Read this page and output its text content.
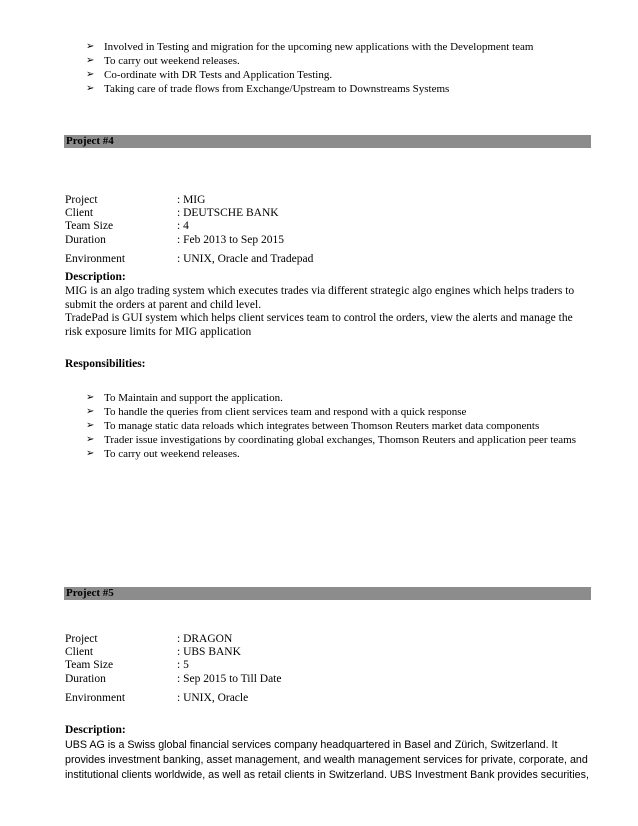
➢ Involved in Testing and migration for the upcoming new applications with the Development team
➢ To carry out weekend releases.
➢ Co-ordinate with DR Tests and Application Testing.
➢ Taking care of trade flows from Exchange/Upstream to Downstreams Systems
Project #4
Project	: MIG
Client	: DEUTSCHE BANK
Team Size	: 4
Duration	: Feb 2013 to Sep 2015
Environment	: UNIX, Oracle and Tradepad
Description:

MIG is an algo trading system which executes trades via different strategic algo engines which helps traders to submit the orders at parent and child level.

TradePad is GUI system which helps client services team to control the orders, view the alerts and manage the risk exposure limits for MIG application

Responsibilities:
➢ To Maintain and support the application.
➢ To handle the queries from client services team and respond with a quick response
➢ To manage static data reloads which integrates between Thomson Reuters market data components
➢ Trader issue investigations by coordinating global exchanges, Thomson Reuters and application peer teams
➢ To carry out weekend releases.
Project #5
Project	: DRAGON
Client	: UBS BANK
Team Size	: 5
Duration	: Sep 2015 to Till Date
Environment	: UNIX, Oracle
Description:

UBS AG is a Swiss global financial services company headquartered in Basel and Zürich, Switzerland. It provides investment banking, asset management, and wealth management services for private, corporate, and institutional clients worldwide, as well as retail clients in Switzerland. UBS Investment Bank provides securities,
